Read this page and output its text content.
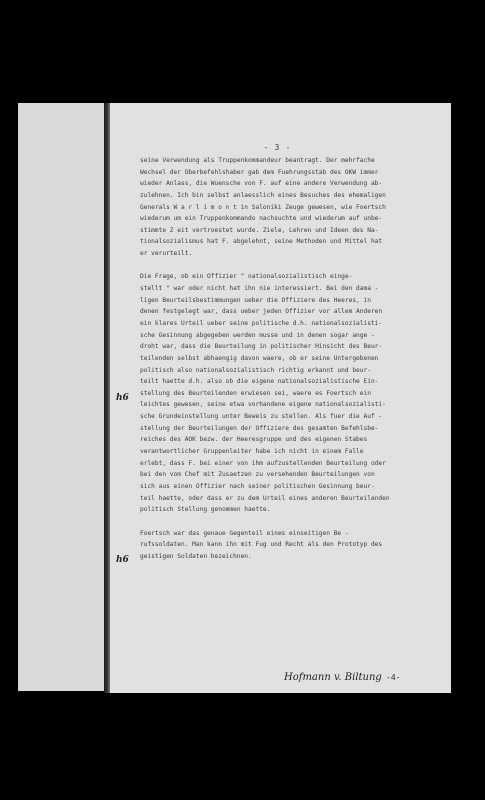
- 3 -
seine Verwendung als Truppenkommandeur beantragt. Der mehrfache
Wechsel der Oberbefehlshaber gab dem Fuehrungsstab des OKW immer
wieder Anlass, die Wuensche von F. auf eine andere Verwendung ab-
zulehnen. Ich bin selbst anlaesslich eines Besuches des ehemaligen
Generals W a r l i m o n t in Saloniki Zeuge gewesen, wie Foertsch
wiederum um ein Truppenkommando nachsuchte und wiederum auf unbe-
stimmte Z eit vertroestet wurde. Ziele, Lehren und Ideen des Na-
tionalsozialismus hat F. abgelehnt, seine Methoden und Mittel hat
er verurteilt.
Die Frage, ob ein Offizier " nationalsozialistisch einge-
stellt " war oder nicht hat ihn nie interessiert. Bei den dama -
ligen Beurteilsbestimmungen ueber die Offiziere des Heeres, in
denen festgelegt war, dass ueber jeden Offizier vor allem Anderen
ein klares Urteil ueber seine politische d.h. nationalsozialisti-
sche Gesinnung abgegeben werden musse und in denen sogar ange -
droht war, dass die Beurteilung in politischer Hinsicht des Beur-
teilenden selbst abhaengig davon waere, ob er seine Untergebenen
politisch also nationalsozialistisch richtig erkannt und beur-
teilt haette d.h. also ob die eigene nationalsozialistische Ein-
stellung des Beurteilenden erwiesen sei, waere es Foertsch ein
leichtes gewesen, seine etwa vorhandene eigene nationalsozialisti-
sche Grundeinstellung unter Beweis zu stellen. Als fuer die Auf -
stellung der Beurteilungen der Offiziere des gesamten Befehlsbe-
reiches des AOK bezw. der Heeresgruppe und des eigenen Stabes
verantwortlicher Gruppenleiter habe ich nicht in einem Falle
erlebt, dass F. bei einer von ihm aufzustellenden Beurteilung oder
bei den vom Chef mit Zusaetzen zu versehenden Beurteilungen von
sich aus einen Offizier nach seiner politischen Gesinnung beur-
teil haette, oder dass er zu dem Urteil eines anderen Beurteilenden
politisch Stellung genommen haette.
Foertsch war das genaue Gegenteil eines einseitigen Be -
rufssoldaten. Man kann ihn mit Fug und Recht als den Prototyp des
geistigen Soldaten bezeichnen.
h6
h6
Hofmann v. Biltung -4-
